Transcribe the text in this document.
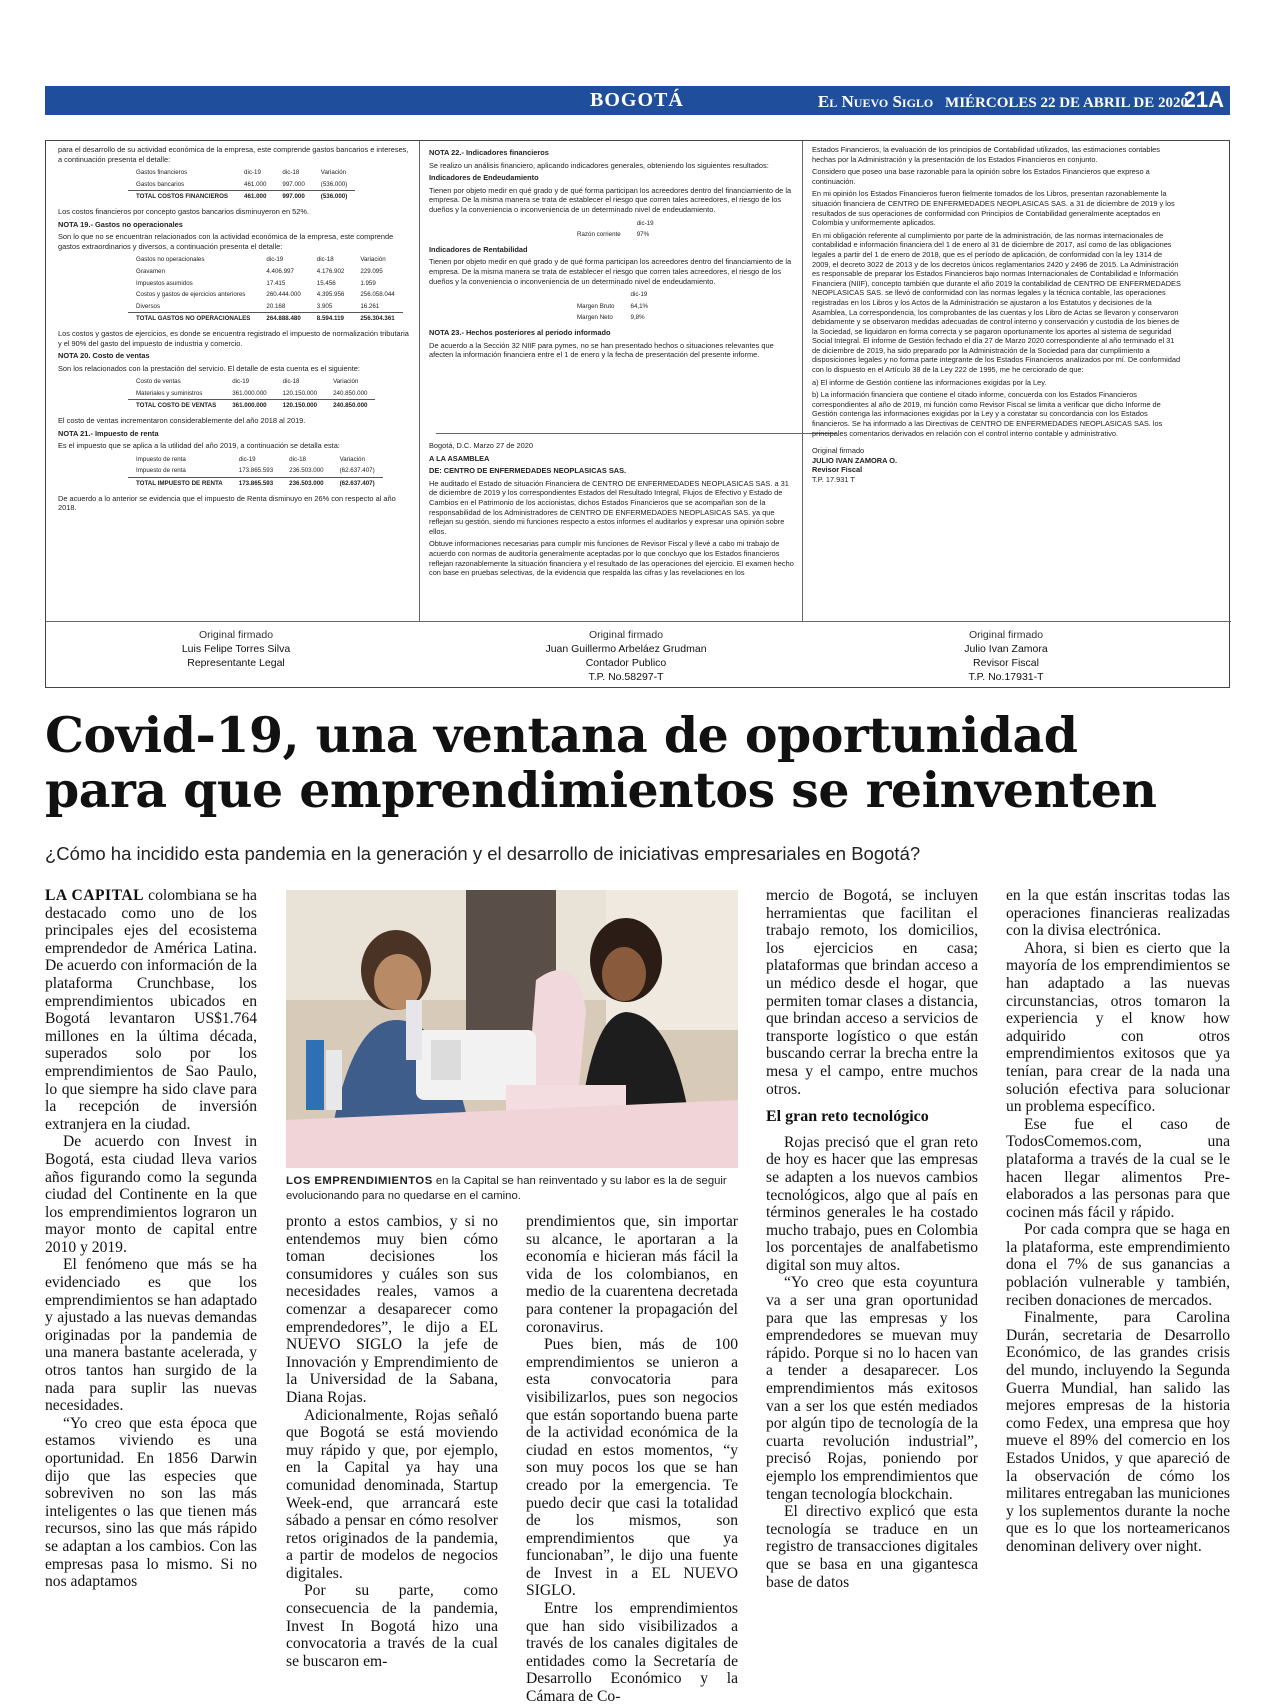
BOGOTÁ	El Nuevo Siglo MIÉRCOLES 22 DE ABRIL DE 2020
21A

para el desarrollo de su actividad económica de la empresa, este comprende gastos bancarios e intereses, a continuación presenta el detalle:

Gastos financieros	dic-19	dic-18	Variación
Gastos bancarios	461.000	997.000	(536.000)
TOTAL COSTOS FINANCIEROS	461.000	997.000	(536.000)

Los costos financieros por concepto gastos bancarios disminuyeron en 52%.

NOTA 19.- Gastos no operacionales

Son lo que no se encuentran relacionados con la actividad económica de la empresa, este comprende gastos extraordinarios y diversos, a continuación presenta el detalle:

Gastos no operacionales	dic-19	dic-18	Variación
Gravamen	4.406.997	4.176.902	229.095
Impuestos asumidos	17.415	15.456	1.959
Costos y gastos de ejercicios anteriores	260.444.000	4.395.956	256.058.044
Diversos	20.168	3.905	16.261
TOTAL GASTOS NO OPERACIONALES	264.888.480	8.594.119	256.304.361

Los costos y gastos de ejercicios, es donde se encuentra registrado el impuesto de normalización tributaria y el 90% del gasto del impuesto de industria y comercio.

NOTA 20. Costo de ventas

Son los relacionados con la prestación del servicio. El detalle de esta cuenta es el siguiente:

Costo de ventas	dic-19	dic-18	Variación
Materiales y suministros	361.000.000	120.150.000	240.850.000
TOTAL COSTO DE VENTAS	361.000.000	120.150.000	240.850.000

El costo de ventas incrementaron considerablemente del año 2018 al 2019.

NOTA 21.- Impuesto de renta

Es el impuesto que se aplica a la utilidad del año 2019, a continuación se detalla esta:

Impuesto de renta	dic-19	dic-18	Variación
Impuesto de renta	173.865.593	236.503.000	(62.637.407)
TOTAL IMPUESTO DE RENTA	173.865.593	236.503.000	(62.637.407)

De acuerdo a lo anterior se evidencia que el impuesto de Renta disminuyo en 26% con respecto al año 2018.

NOTA 22.- Indicadores financieros

Se realizo un análisis financiero, aplicando indicadores generales, obteniendo los siguientes resultados:

Indicadores de Endeudamiento

Tienen por objeto medir en qué grado y de qué forma participan los acreedores dentro del financiamiento de la empresa. De la misma manera se trata de establecer el riesgo que corren tales acreedores, el riesgo de los dueños y la conveniencia o inconveniencia de un determinado nivel de endeudamiento.

	dic-19
Razón corriente	97%

Indicadores de Rentabilidad

Tienen por objeto medir en qué grado y de qué forma participan los acreedores dentro del financiamiento de la empresa. De la misma manera se trata de establecer el riesgo que corren tales acreedores, el riesgo de los dueños y la conveniencia o inconveniencia de un determinado nivel de endeudamiento.

	dic-19
Margen Bruto	64,1%
Margen Neto	9,8%

NOTA 23.- Hechos posteriores al periodo informado

De acuerdo a la Sección 32 NIIF para pymes, no se han presentado hechos o situaciones relevantes que afecten la información financiera entre el 1 de enero y la fecha de presentación del presente informe.

Bogotá, D.C. Marzo 27 de 2020

A LA ASAMBLEA

DE: CENTRO DE ENFERMEDADES NEOPLASICAS SAS.

He auditado el Estado de situación Financiera de CENTRO DE ENFERMEDADES NEOPLASICAS SAS. a 31 de diciembre de 2019 y los correspondientes Estados del Resultado Integral, Flujos de Efectivo y Estado de Cambios en el Patrimonio de los accionistas, dichos Estados Financieros que se acompañan son de la responsabilidad de los Administradores de CENTRO DE ENFERMEDADES NEOPLASICAS SAS. ya que reflejan su gestión, siendo mi funciones respecto a estos informes el auditarlos y expresar una opinión sobre ellos.

Obtuve informaciones necesarias para cumplir mis funciones de Revisor Fiscal y llevé a cabo mi trabajo de acuerdo con normas de auditoría generalmente aceptadas por lo que concluyo que los Estados financieros reflejan razonablemente la situación financiera y el resultado de las operaciones del ejercicio. El examen hecho con base en pruebas selectivas, de la evidencia que respalda las cifras y las revelaciones en los

Estados Financieros, la evaluación de los principios de Contabilidad utilizados, las estimaciones contables hechas por la Administración y la presentación de los Estados Financieros en conjunto.

Considero que poseo una base razonable para la opinión sobre los Estados Financieros que expreso a continuación.

En mi opinión los Estados Financieros fueron fielmente tomados de los Libros, presentan razonablemente la situación financiera de CENTRO DE ENFERMEDADES NEOPLASICAS SAS. a 31 de diciembre de 2019 y los resultados de sus operaciones de conformidad con Principios de Contabilidad generalmente aceptados en Colombia y uniformemente aplicados.

En mi obligación referente al cumplimiento por parte de la administración, de las normas internacionales de contabilidad e información financiera del 1 de enero al 31 de diciembre de 2017, así como de las obligaciones legales a partir del 1 de enero de 2018, que es el período de aplicación, de conformidad con la ley 1314 de 2009, el decreto 3022 de 2013 y de los decretos únicos reglamentarios 2420 y 2496 de 2015. La Administración es responsable de preparar los Estados Financieros bajo normas Internacionales de Contabilidad e Información Financiera (NIIF), concepto también que durante el año 2019 la contabilidad de CENTRO DE ENFERMEDADES NEOPLASICAS SAS. se llevó de conformidad con las normas legales y la técnica contable, las operaciones registradas en los Libros y los Actos de la Administración se ajustaron a los Estatutos y decisiones de la Asamblea, La correspondencia, los comprobantes de las cuentas y los Libro de Actas se llevaron y conservaron debidamente y se observaron medidas adecuadas de control interno y conservación y custodia de los bienes de la Sociedad, se liquidaron en forma correcta y se pagaron oportunamente los aportes al sistema de seguridad Social Integral. El informe de Gestión fechado el día 27 de Marzo 2020 correspondiente al año terminado el 31 de diciembre de 2019, ha sido preparado por la Administración de la Sociedad para dar cumplimiento a disposiciones legales y no forma parte integrante de los Estados Financieros analizados por mí. De conformidad con lo dispuesto en el Artículo 38 de la Ley 222 de 1995, me he cerciorado de que:

a) El informe de Gestión contiene las informaciones exigidas por la Ley.

b) La información financiera que contiene el citado informe, concuerda con los Estados Financieros correspondientes al año de 2019, mi función como Revisor Fiscal se limita a verificar que dicho Informe de Gestión contenga las informaciones exigidas por la Ley y a constatar su concordancia con los Estados financieros. Se ha informado a las Directivas de CENTRO DE ENFERMEDADES NEOPLASICAS SAS. los principales comentarios derivados en relación con el control interno contable y administrativo.

Original firmado

JULIO IVAN ZAMORA O.

Revisor Fiscal

T.P. 17.931 T

Original firmado
Luis Felipe Torres Silva
Representante Legal
Original firmado
Juan Guillermo Arbeláez Grudman
Contador Publico
T.P. No.58297-T
Original firmado
Julio Ivan Zamora
Revisor Fiscal
T.P. No.17931-T
Covid-19, una ventana de oportunidad
para que emprendimientos se reinventen
¿Cómo ha incidido esta pandemia en la generación y el desarrollo de iniciativas empresariales en Bogotá?
LOS EMPRENDIMIENTOS en la Capital se han reinventado y su labor es la de seguir evolucionando para no quedarse en el camino.

LA CAPITAL colombiana se ha destacado como uno de los principales ejes del ecosistema emprendedor de América Latina. De acuerdo con información de la plataforma Crunchbase, los emprendimientos ubicados en Bogotá levantaron US$1.764 millones en la última década, superados solo por los emprendimientos de Sao Paulo, lo que siempre ha sido clave para la recepción de inversión extranjera en la ciudad.

De acuerdo con Invest in Bogotá, esta ciudad lleva varios años figurando como la segunda ciudad del Continente en la que los emprendimientos lograron un mayor monto de capital entre 2010 y 2019.

El fenómeno que más se ha evidenciado es que los emprendimientos se han adaptado y ajustado a las nuevas demandas originadas por la pandemia de una manera bastante acelerada, y otros tantos han surgido de la nada para suplir las nuevas necesidades.

“Yo creo que esta época que estamos viviendo es una oportunidad. En 1856 Darwin dijo que las especies que sobreviven no son las más inteligentes o las que tienen más recursos, sino las que más rápido se adaptan a los cambios. Con las empresas pasa lo mismo. Si no nos adaptamos

pronto a estos cambios, y si no entendemos muy bien cómo toman decisiones los consumidores y cuáles son sus necesidades reales, vamos a comenzar a desaparecer como emprendedores”, le dijo a EL NUEVO SIGLO la jefe de Innovación y Emprendimiento de la Universidad de la Sabana, Diana Rojas.

Adicionalmente, Rojas señaló que Bogotá se está moviendo muy rápido y que, por ejemplo, en la Capital ya hay una comunidad denominada, Startup Week-end, que arrancará este sábado a pensar en cómo resolver retos originados de la pandemia, a partir de modelos de negocios digitales.

Por su parte, como consecuencia de la pandemia, Invest In Bogotá hizo una convocatoria a través de la cual se buscaron em-

prendimientos que, sin importar su alcance, le aportaran a la economía e hicieran más fácil la vida de los colombianos, en medio de la cuarentena decretada para contener la propagación del coronavirus.

Pues bien, más de 100 emprendimientos se unieron a esta convocatoria para visibilizarlos, pues son negocios que están soportando buena parte de la actividad económica de la ciudad en estos momentos, “y son muy pocos los que se han creado por la emergencia. Te puedo decir que casi la totalidad de los mismos, son emprendimientos que ya funcionaban”, le dijo una fuente de Invest in a EL NUEVO SIGLO.

Entre los emprendimientos que han sido visibilizados a través de los canales digitales de entidades como la Secretaría de Desarrollo Económico y la Cámara de Co-

mercio de Bogotá, se incluyen herramientas que facilitan el trabajo remoto, los domicilios, los ejercicios en casa; plataformas que brindan acceso a un médico desde el hogar, que permiten tomar clases a distancia, que brindan acceso a servicios de transporte logístico o que están buscando cerrar la brecha entre la mesa y el campo, entre muchos otros.

El gran reto tecnológico

Rojas precisó que el gran reto de hoy es hacer que las empresas se adapten a los nuevos cambios tecnológicos, algo que al país en términos generales le ha costado mucho trabajo, pues en Colombia los porcentajes de analfabetismo digital son muy altos.

“Yo creo que esta coyuntura va a ser una gran oportunidad para que las empresas y los emprendedores se muevan muy rápido. Porque si no lo hacen van a tender a desaparecer. Los emprendimientos más exitosos van a ser los que estén mediados por algún tipo de tecnología de la cuarta revolución industrial”, precisó Rojas, poniendo por ejemplo los emprendimientos que tengan tecnología blockchain.

El directivo explicó que esta tecnología se traduce en un registro de transacciones digitales que se basa en una gigantesca base de datos

en la que están inscritas todas las operaciones financieras realizadas con la divisa electrónica.

Ahora, si bien es cierto que la mayoría de los emprendimientos se han adaptado a las nuevas circunstancias, otros tomaron la experiencia y el know how adquirido con otros emprendimientos exitosos que ya tenían, para crear de la nada una solución efectiva para solucionar un problema específico.

Ese fue el caso de TodosComemos.com, una plataforma a través de la cual se le hacen llegar alimentos Pre-elaborados a las personas para que cocinen más fácil y rápido.

Por cada compra que se haga en la plataforma, este emprendimiento dona el 7% de sus ganancias a población vulnerable y también, reciben donaciones de mercados.

Finalmente, para Carolina Durán, secretaria de Desarrollo Económico, de las grandes crisis del mundo, incluyendo la Segunda Guerra Mundial, han salido las mejores empresas de la historia como Fedex, una empresa que hoy mueve el 89% del comercio en los Estados Unidos, y que apareció de la observación de cómo los militares entregaban las municiones y los suplementos durante la noche que es lo que los norteamericanos denominan delivery over night.
